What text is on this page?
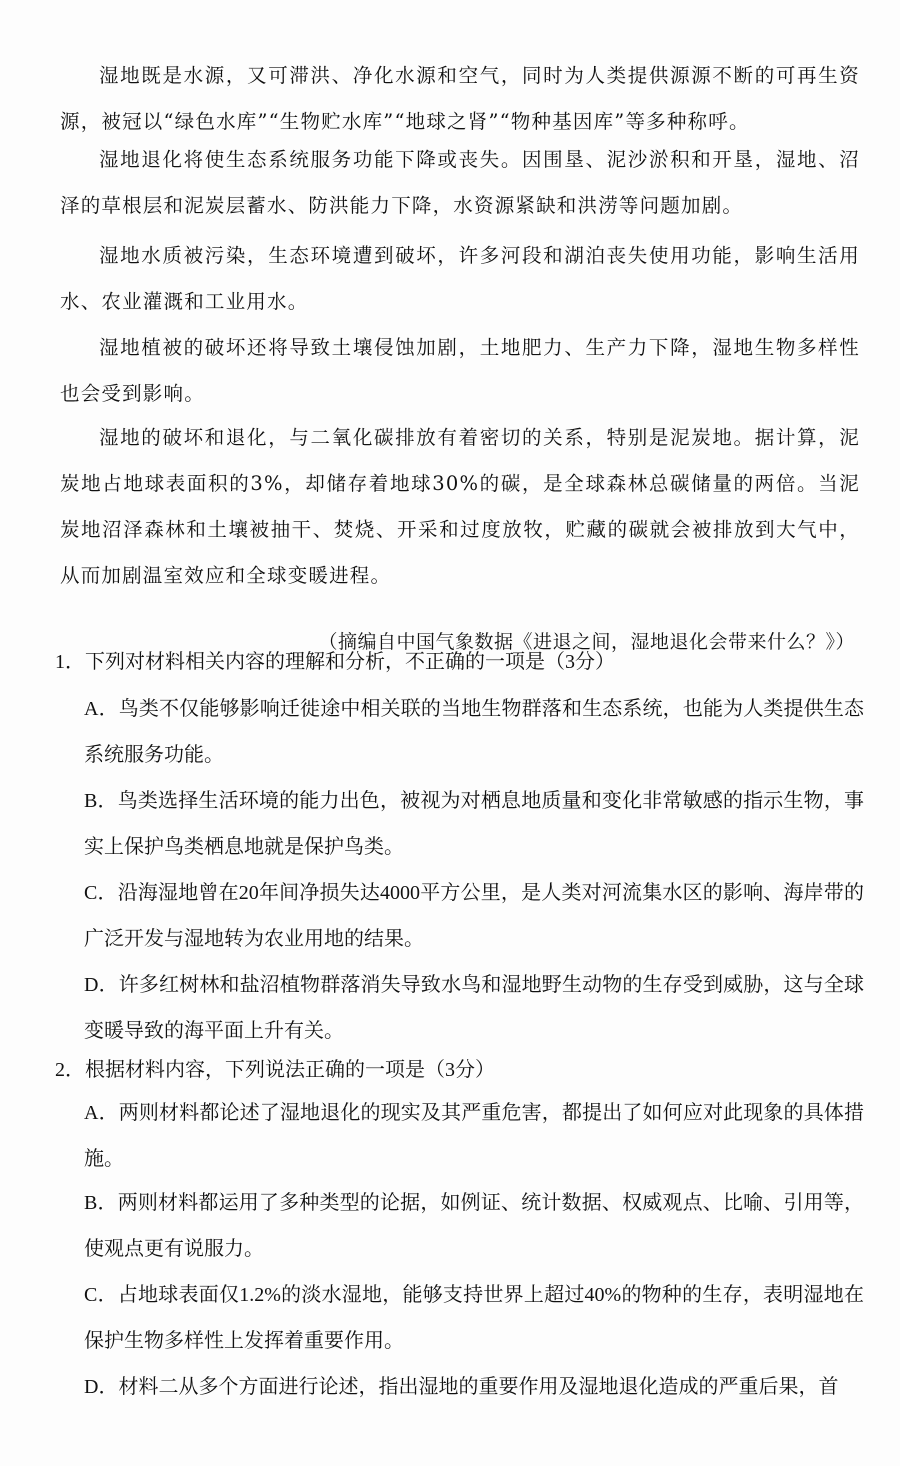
湿地既是水源，又可滞洪、净化水源和空气，同时为人类提供源源不断的可再生资源，被冠以“绿色水库”“生物贮水库”“地球之肾”“物种基因库”等多种称呼。

湿地退化将使生态系统服务功能下降或丧失。因围垦、泥沙淤积和开垦，湿地、沼泽的草根层和泥炭层蓄水、防洪能力下降，水资源紧缺和洪涝等问题加剧。

湿地水质被污染，生态环境遭到破坏，许多河段和湖泊丧失使用功能，影响生活用水、农业灌溉和工业用水。

湿地植被的破坏还将导致土壤侵蚀加剧，土地肥力、生产力下降，湿地生物多样性也会受到影响。

湿地的破坏和退化，与二氧化碳排放有着密切的关系，特别是泥炭地。据计算，泥炭地占地球表面积的3%，却储存着地球30%的碳，是全球森林总碳储量的两倍。当泥炭地沼泽森林和土壤被抽干、焚烧、开采和过度放牧，贮藏的碳就会被排放到大气中，从而加剧温室效应和全球变暖进程。

（摘编自中国气象数据《进退之间，湿地退化会带来什么？》）

1．下列对材料相关内容的理解和分析，不正确的一项是（3分）

A．鸟类不仅能够影响迁徙途中相关联的当地生物群落和生态系统，也能为人类提供生态系统服务功能。

B．鸟类选择生活环境的能力出色，被视为对栖息地质量和变化非常敏感的指示生物，事实上保护鸟类栖息地就是保护鸟类。

C．沿海湿地曾在20年间净损失达4000平方公里，是人类对河流集水区的影响、海岸带的广泛开发与湿地转为农业用地的结果。

D．许多红树林和盐沼植物群落消失导致水鸟和湿地野生动物的生存受到威胁，这与全球变暖导致的海平面上升有关。

2．根据材料内容，下列说法正确的一项是（3分）

A．两则材料都论述了湿地退化的现实及其严重危害，都提出了如何应对此现象的具体措施。

B．两则材料都运用了多种类型的论据，如例证、统计数据、权威观点、比喻、引用等，使观点更有说服力。

C．占地球表面仅1.2%的淡水湿地，能够支持世界上超过40%的物种的生存，表明湿地在保护生物多样性上发挥着重要作用。

D．材料二从多个方面进行论述，指出湿地的重要作用及湿地退化造成的严重后果，首
